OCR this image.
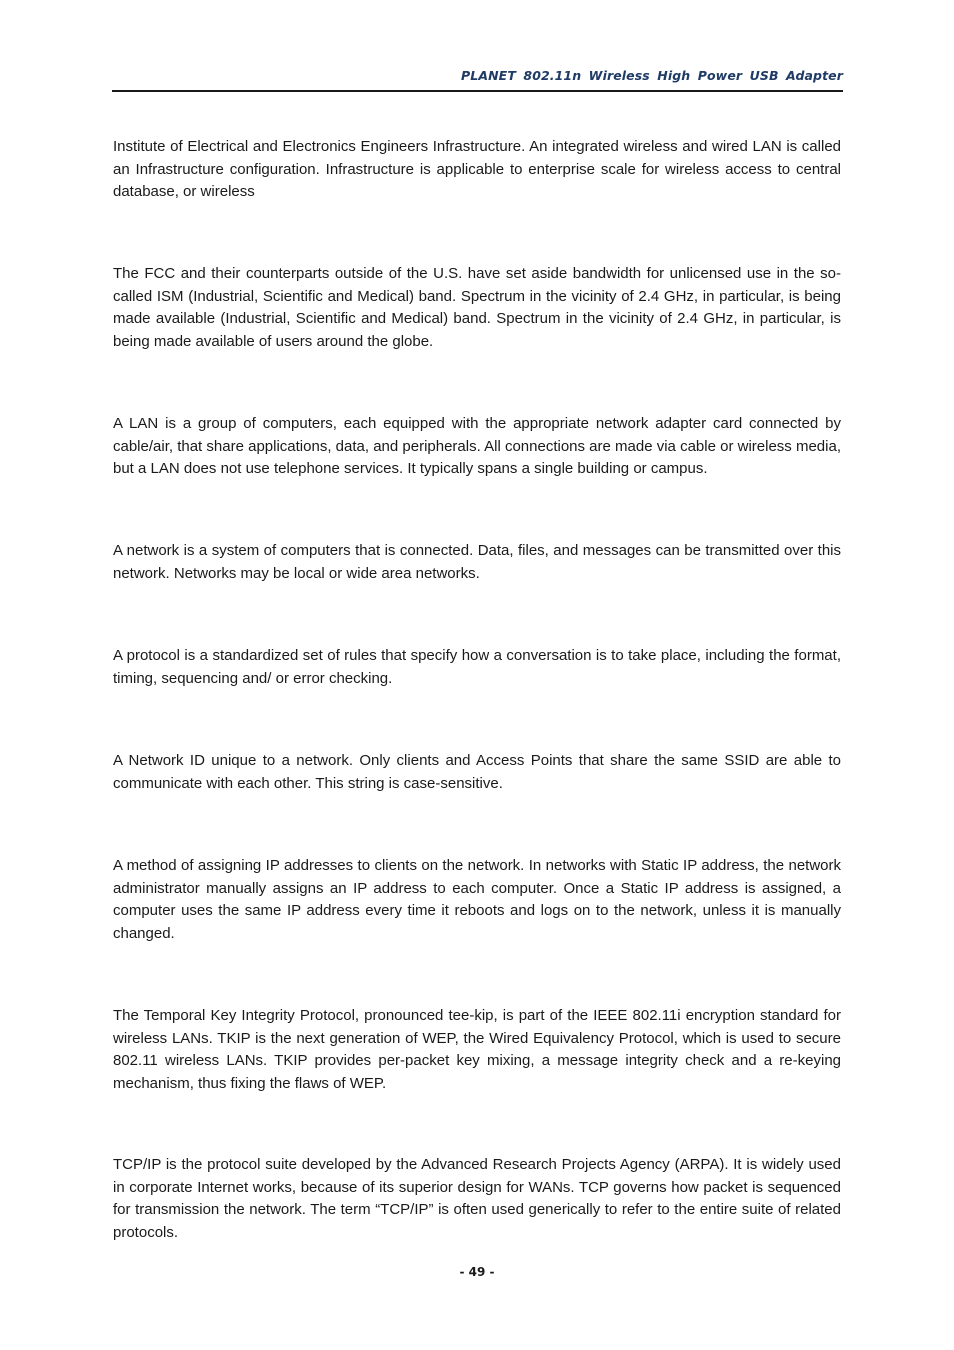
PLANET 802.11n Wireless High Power USB Adapter

Institute of Electrical and Electronics Engineers Infrastructure. An integrated wireless and wired LAN is called an Infrastructure configuration. Infrastructure is applicable to enterprise scale for wireless access to central database, or wireless

The FCC and their counterparts outside of the U.S. have set aside bandwidth for unlicensed use in the so-called ISM (Industrial, Scientific and Medical) band. Spectrum in the vicinity of 2.4 GHz, in particular, is being made available (Industrial, Scientific and Medical) band. Spectrum in the vicinity of 2.4 GHz, in particular, is being made available of users around the globe.

A LAN is a group of computers, each equipped with the appropriate network adapter card connected by cable/air, that share applications, data, and peripherals. All connections are made via cable or wireless media, but a LAN does not use telephone services. It typically spans a single building or campus.

A network is a system of computers that is connected. Data, files, and messages can be transmitted over this network. Networks may be local or wide area networks.

A protocol is a standardized set of rules that specify how a conversation is to take place, including the format, timing, sequencing and/ or error checking.

A Network ID unique to a network. Only clients and Access Points that share the same SSID are able to communicate with each other. This string is case-sensitive.

A method of assigning IP addresses to clients on the network. In networks with Static IP address, the network administrator manually assigns an IP address to each computer. Once a Static IP address is assigned, a computer uses the same IP address every time it reboots and logs on to the network, unless it is manually changed.

The Temporal Key Integrity Protocol, pronounced tee-kip, is part of the IEEE 802.11i encryption standard for wireless LANs. TKIP is the next generation of WEP, the Wired Equivalency Protocol, which is used to secure 802.11 wireless LANs. TKIP provides per-packet key mixing, a message integrity check and a re-keying mechanism, thus fixing the flaws of WEP.

TCP/IP is the protocol suite developed by the Advanced Research Projects Agency (ARPA). It is widely used in corporate Internet works, because of its superior design for WANs. TCP governs how packet is sequenced for transmission the network. The term “TCP/IP” is often used generically to refer to the entire suite of related protocols.

- 49 -
